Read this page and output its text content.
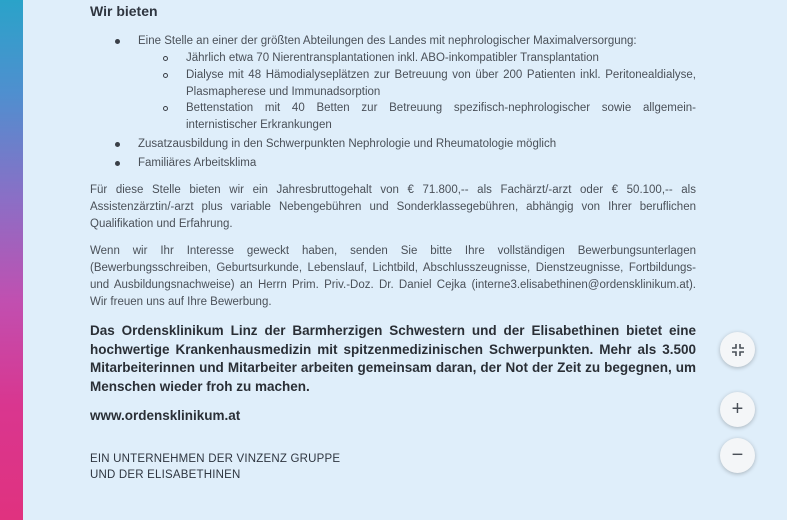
Wir bieten
Eine Stelle an einer der größten Abteilungen des Landes mit nephrologischer Maximalversorgung:
Jährlich etwa 70 Nierentransplantationen inkl. ABO-inkompatibler Transplantation
Dialyse mit 48 Hämodialyseplätzen zur Betreuung von über 200 Patienten inkl. Peritonealdialyse, Plasmapherese und Immunadsorption
Bettenstation mit 40 Betten zur Betreuung spezifisch-nephrologischer sowie allgemein-internistischer Erkrankungen
Zusatzausbildung in den Schwerpunkten Nephrologie und Rheumatologie möglich
Familiäres Arbeitsklima
Für diese Stelle bieten wir ein Jahresbruttogehalt von € 71.800,-- als Fachärzt/-arzt oder € 50.100,-- als Assistenzärztin/-arzt plus variable Nebengebühren und Sonderklassegebühren, abhängig von Ihrer beruflichen Qualifikation und Erfahrung.
Wenn wir Ihr Interesse geweckt haben, senden Sie bitte Ihre vollständigen Bewerbungsunterlagen (Bewerbungsschreiben, Geburtsurkunde, Lebenslauf, Lichtbild, Abschlusszeugnisse, Dienstzeugnisse, Fortbildungs- und Ausbildungsnachweise) an Herrn Prim. Priv.-Doz. Dr. Daniel Cejka (interne3.elisabethinen@ordensklinikum.at). Wir freuen uns auf Ihre Bewerbung.
Das Ordensklinikum Linz der Barmherzigen Schwestern und der Elisabethinen bietet eine hochwertige Krankenhausmedizin mit spitzenmedizinischen Schwerpunkten. Mehr als 3.500 Mitarbeiterinnen und Mitarbeiter arbeiten gemeinsam daran, der Not der Zeit zu begegnen, um Menschen wieder froh zu machen.
www.ordensklinikum.at
EIN UNTERNEHMEN DER VINZENZ GRUPPE
UND DER ELISABETHINEN
+
−
